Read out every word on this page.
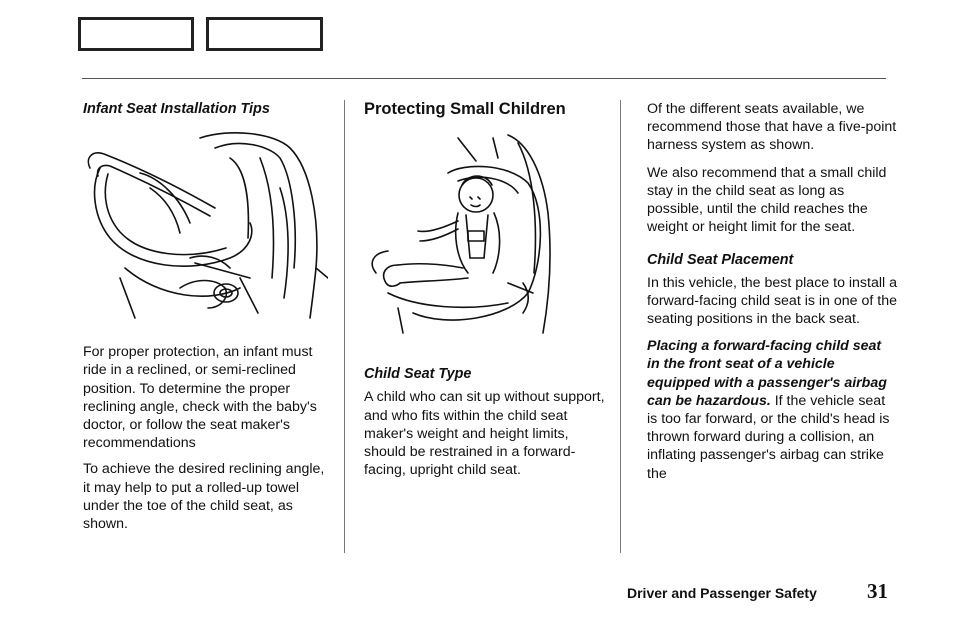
Infant Seat Installation Tips

For proper protection, an infant must ride in a reclined, or semi-reclined position. To determine the proper reclining angle, check with the baby's doctor, or follow the seat maker's recommendations

To achieve the desired reclining angle, it may help to put a rolled-up towel under the toe of the child seat, as shown.

Protecting Small Children

Child Seat Type

A child who can sit up without support, and who fits within the child seat maker's weight and height limits, should be restrained in a forward-facing, upright child seat.

Of the different seats available, we recommend those that have a five-point harness system as shown.

We also recommend that a small child stay in the child seat as long as possible, until the child reaches the weight or height limit for the seat.

Child Seat Placement

In this vehicle, the best place to install a forward-facing child seat is in one of the seating positions in the back seat.

Placing a forward-facing child seat in the front seat of a vehicle equipped with a passenger's airbag can be hazardous. If the vehicle seat is too far forward, or the child's head is thrown forward during a collision, an inflating passenger's airbag can strike the

Driver and Passenger Safety 31
